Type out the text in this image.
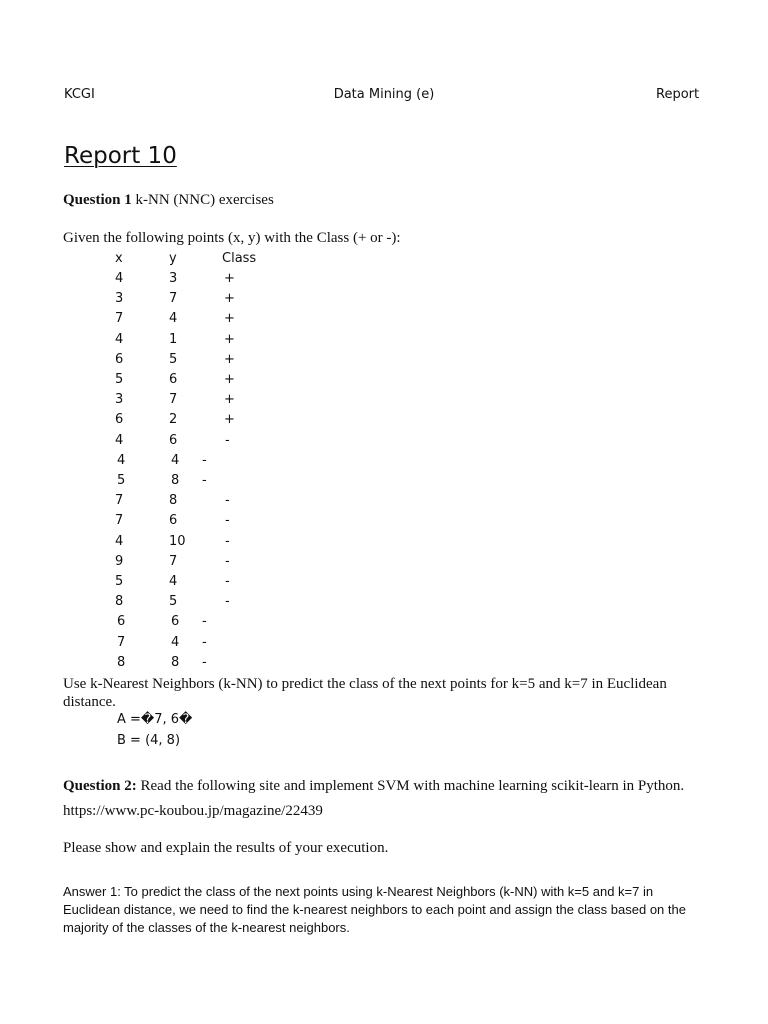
KCGI	Data Mining (e)	Report
Report 10
Question 1 k-NN (NNC) exercises
Given the following points (x, y) with the Class (+ or -):
x	y	Class
4	3	+
3	7	+
7	4	+
4	1	+
6	5	+
5	6	+
3	7	+
6	2	+
4	6	-
4	4 -
5	8 -
7	8	-
7	6	-
4	10	-
9	7	-
5	4	-
8	5	-
6	6 -
7	4 -
8	8 -
Use k-Nearest Neighbors (k-NN) to predict the class of the next points for k=5 and k=7 in Euclidean distance.
A =�7, 6�
B = (4, 8)
Question 2: Read the following site and implement SVM with machine learning scikit-learn in Python. https://www.pc-koubou.jp/magazine/22439
Please show and explain the results of your execution.
Answer 1: To predict the class of the next points using k-Nearest Neighbors (k-NN) with k=5 and k=7 in Euclidean distance, we need to find the k-nearest neighbors to each point and assign the class based on the majority of the classes of the k-nearest neighbors.
